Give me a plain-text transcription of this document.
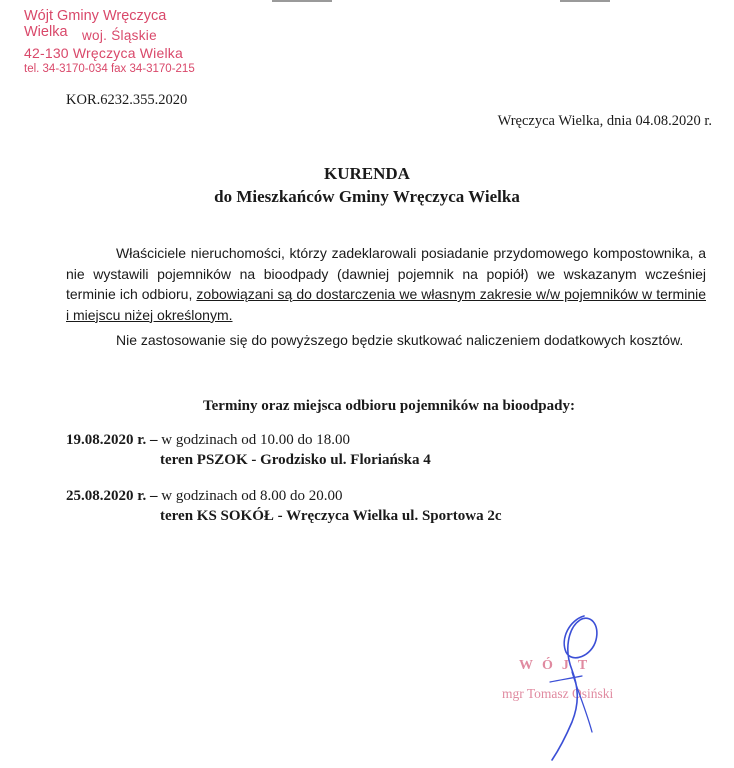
Wójt Gminy Wręczyca Wielka	woj. Śląskie
42-130 Wręczyca Wielka
tel. 34-3170-034 fax 34-3170-215
KOR.6232.355.2020
Wręczyca Wielka, dnia 04.08.2020 r.
KURENDA
do Mieszkańców Gminy Wręczyca Wielka

Właściciele nieruchomości, którzy zadeklarowali posiadanie przydomowego kompostownika, a nie wystawili pojemników na bioodpady (dawniej pojemnik na popiół) we wskazanym wcześniej terminie ich odbioru, zobowiązani są do dostarczenia we własnym zakresie w/w pojemników w terminie i miejscu niżej określonym.

Nie zastosowanie się do powyższego będzie skutkować naliczeniem dodatkowych kosztów.
Terminy oraz miejsca odbioru pojemników na bioodpady:
19.08.2020 r. – w godzinach od 10.00 do 18.00
teren PSZOK - Grodzisko ul. Floriańska 4
25.08.2020 r. – w godzinach od 8.00 do 20.00
teren KS SOKÓŁ - Wręczyca Wielka ul. Sportowa 2c
WÓJT
mgr Tomasz Osiński
